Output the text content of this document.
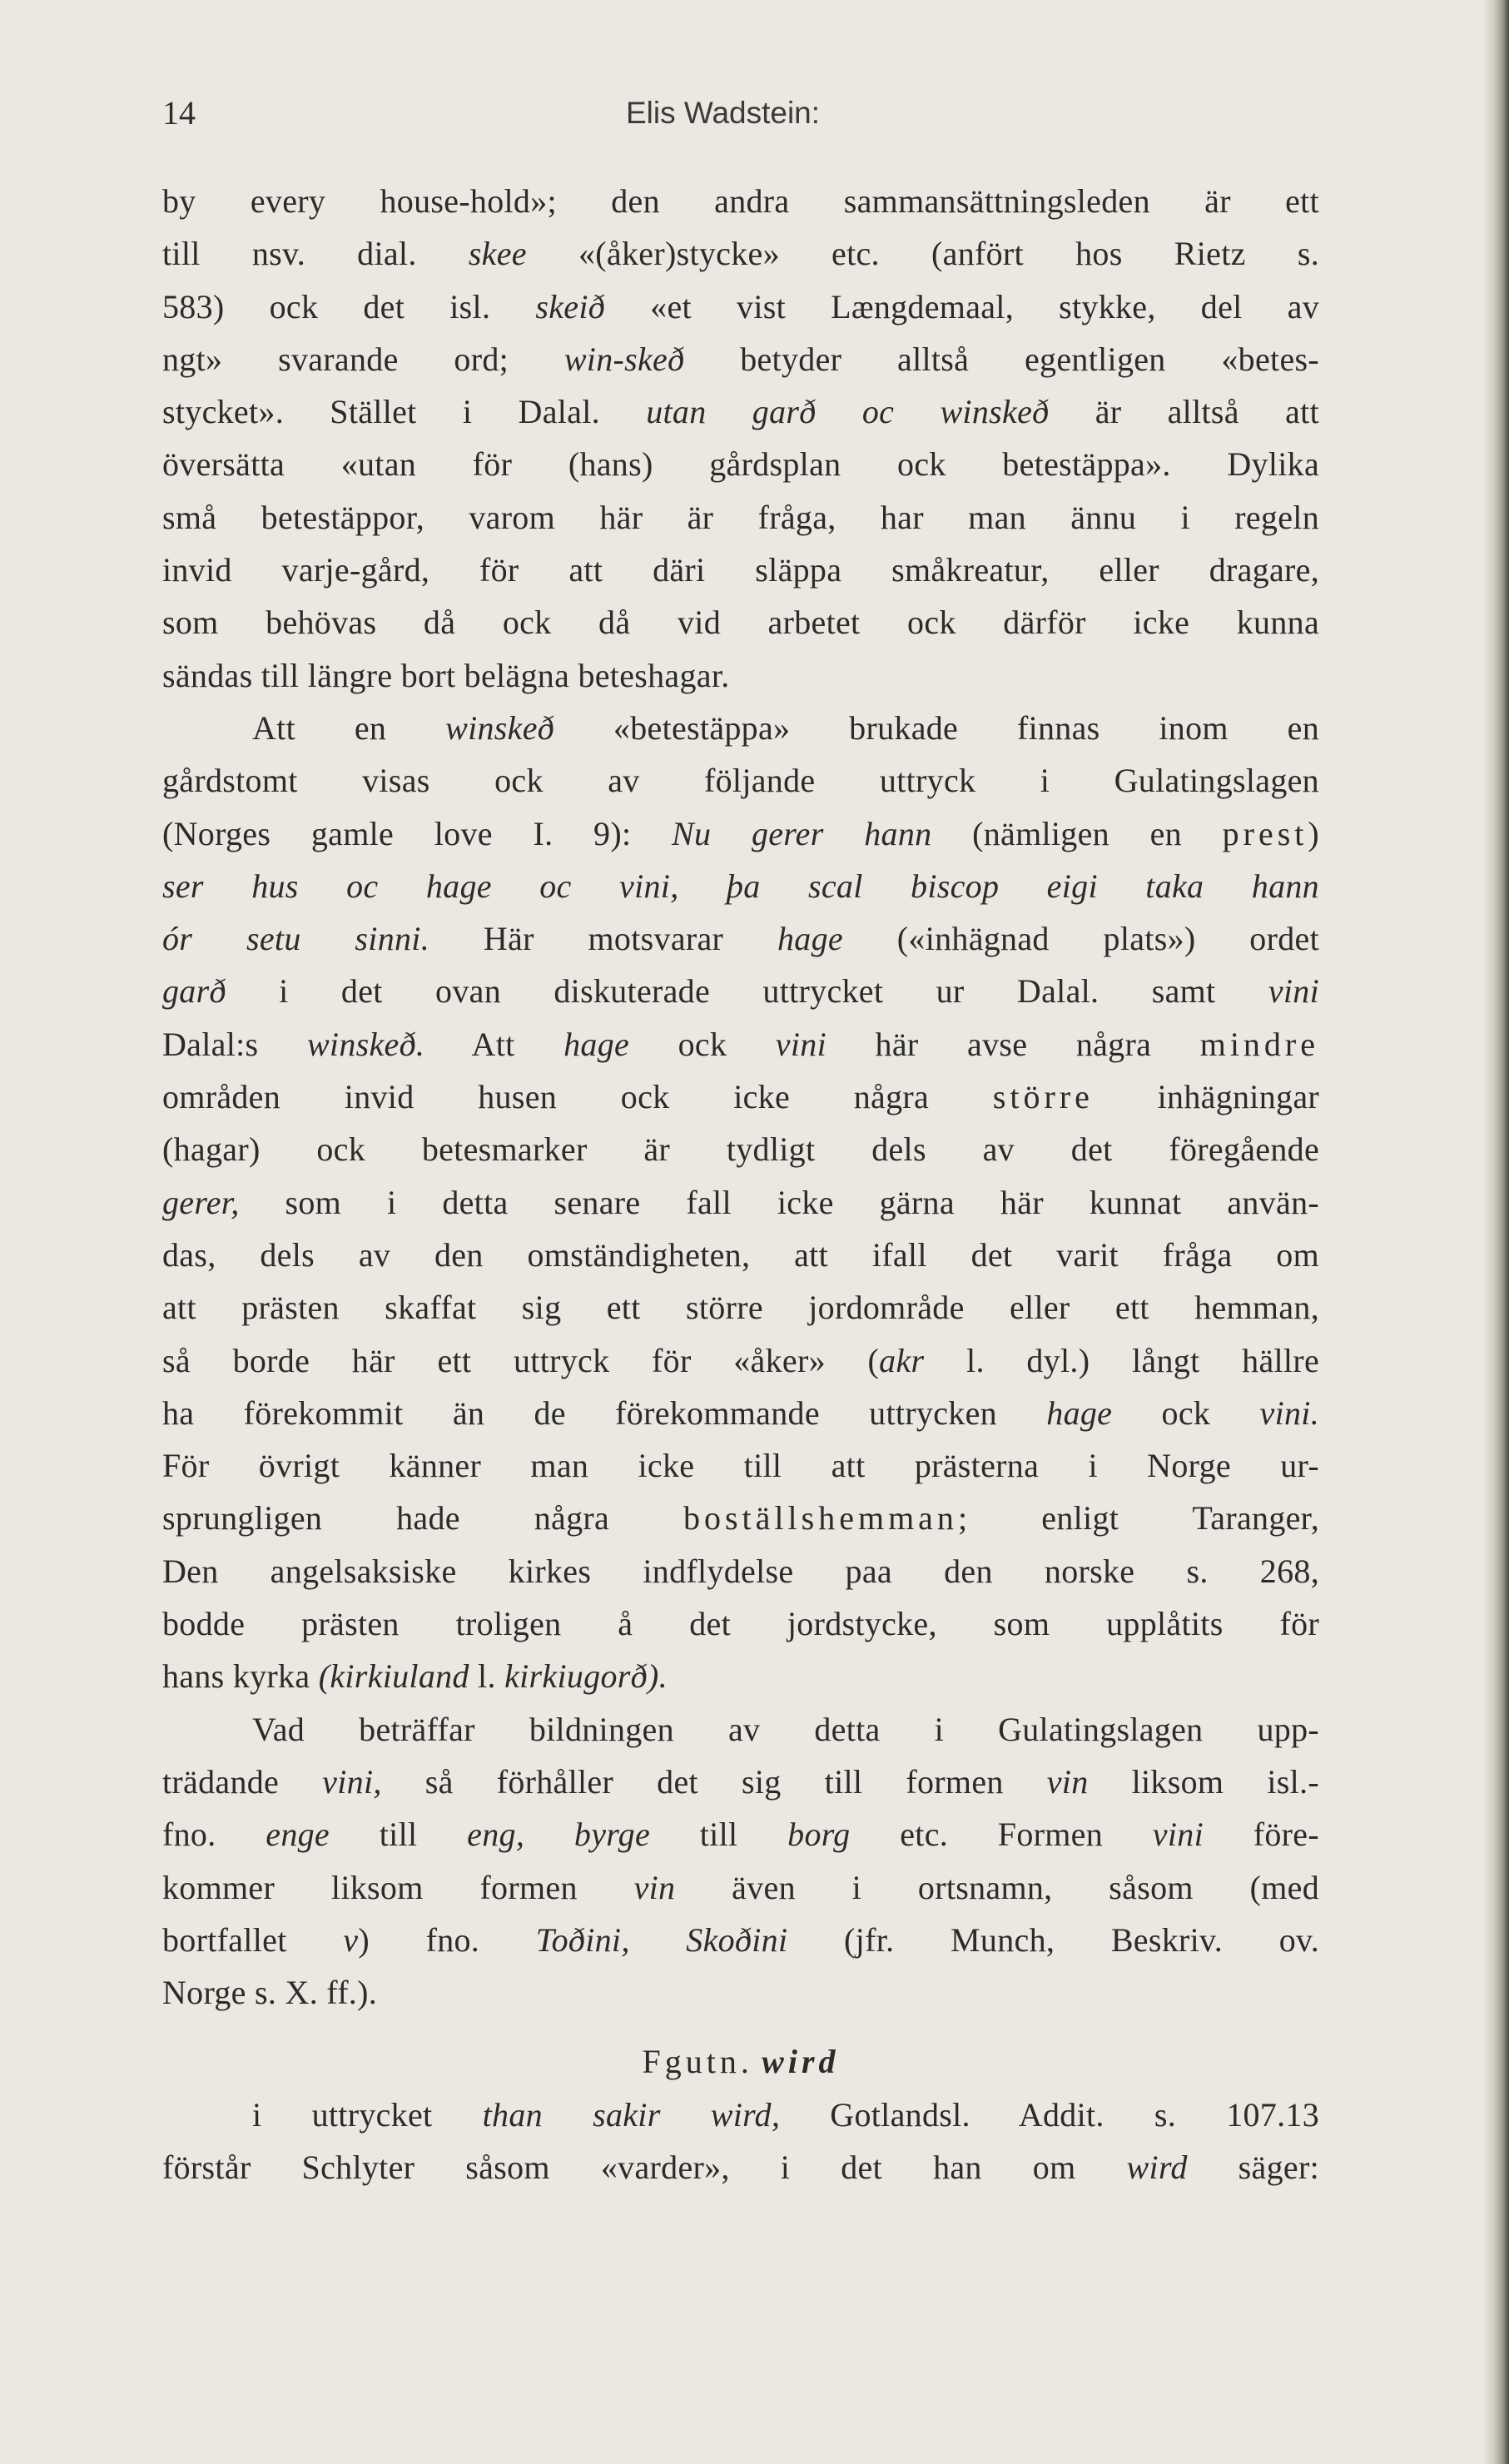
14	Elis Wadstein:
by every house-hold»; den andra sammansättningsleden är ett
till nsv. dial. skee «(åker)stycke» etc. (anfört hos Rietz s.
583) ock det isl. skeið «et vist Længdemaal, stykke, del av
ngt» svarande ord; win-skeð betyder alltså egentligen «betes-
stycket». Stället i Dalal. utan garð oc winskeð är alltså att
översätta «utan för (hans) gårdsplan ock betestäppa». Dylika
små betestäppor, varom här är fråga, har man ännu i regeln
invid varje-gård, för att däri släppa småkreatur, eller dragare,
som behövas då ock då vid arbetet ock därför icke kunna
sändas till längre bort belägna beteshagar.
Att en winskeð «betestäppa» brukade finnas inom en
gårdstomt visas ock av följande uttryck i Gulatingslagen
(Norges gamle love I. 9): Nu gerer hann (nämligen en prest)
ser hus oc hage oc vini, þa scal biscop eigi taka hann
ór setu sinni. Här motsvarar hage («inhägnad plats») ordet
garð i det ovan diskuterade uttrycket ur Dalal. samt vini
Dalal:s winskeð. Att hage ock vini här avse några mindre
områden invid husen ock icke några större inhägningar
(hagar) ock betesmarker är tydligt dels av det föregående
gerer, som i detta senare fall icke gärna här kunnat använ-
das, dels av den omständigheten, att ifall det varit fråga om
att prästen skaffat sig ett större jordområde eller ett hemman,
så borde här ett uttryck för «åker» (akr l. dyl.) långt hällre
ha förekommit än de förekommande uttrycken hage ock vini.
För övrigt känner man icke till att prästerna i Norge ur-
sprungligen hade några boställshemman; enligt Taranger,
Den angelsaksiske kirkes indflydelse paa den norske s. 268,
bodde prästen troligen å det jordstycke, som upplåtits för
hans kyrka (kirkiuland l. kirkiugorð).
Vad beträffar bildningen av detta i Gulatingslagen upp-
trädande vini, så förhåller det sig till formen vin liksom isl.-
fno. enge till eng, byrge till borg etc. Formen vini före-
kommer liksom formen vin även i ortsnamn, såsom (med
bortfallet v) fno. Toðini, Skoðini (jfr. Munch, Beskriv. ov.
Norge s. X. ff.).
Fgutn. wird
i uttrycket than sakir wird, Gotlandsl. Addit. s. 107.13
förstår Schlyter såsom «varder», i det han om wird säger:
